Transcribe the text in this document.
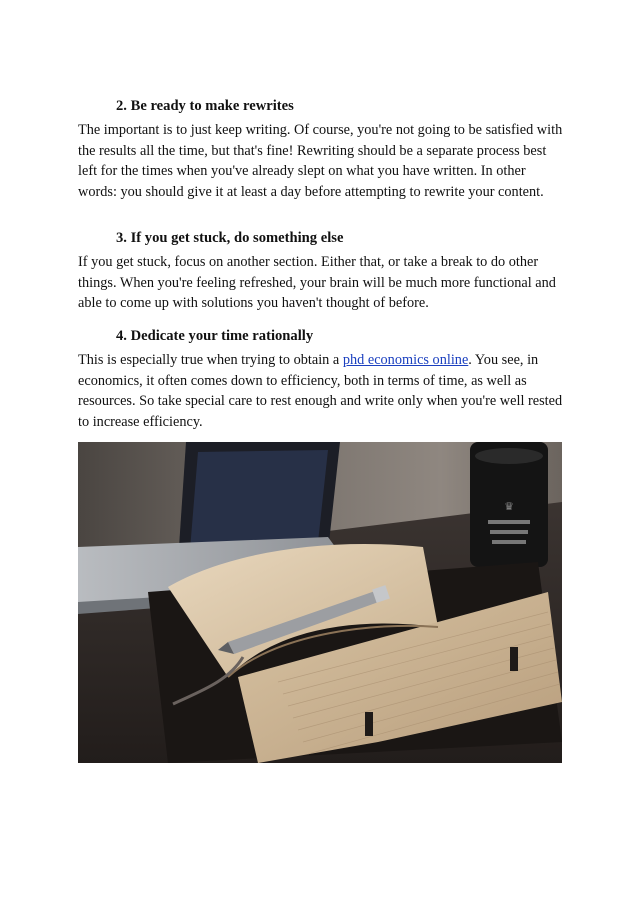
2. Be ready to make rewrites

The important is to just keep writing. Of course, you're not going to be satisfied with the results all the time, but that's fine! Rewriting should be a separate process best left for the times when you've already slept on what you have written. In other words: you should give it at least a day before attempting to rewrite your content.

3. If you get stuck, do something else

If you get stuck, focus on another section. Either that, or take a break to do other things. When you're feeling refreshed, your brain will be much more functional and able to come up with solutions you haven't thought of before.

4. Dedicate your time rationally

This is especially true when trying to obtain a phd economics online. You see, in economics, it often comes down to efficiency, both in terms of time, as well as resources. So take special care to rest enough and write only when you're well rested to increase efficiency.

♛
